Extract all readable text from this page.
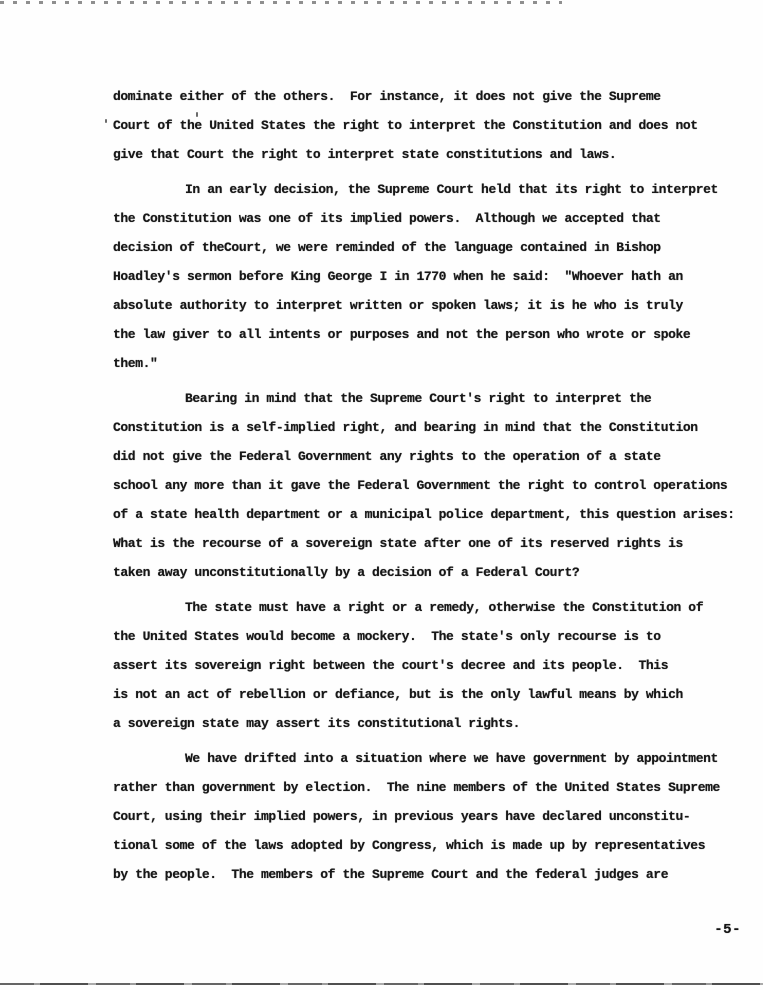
dominate either of the others.  For instance, it does not give the Supreme
Court of the United States the right to interpret the Constitution and does not
give that Court the right to interpret state constitutions and laws.
In an early decision, the Supreme Court held that its right to interpret
the Constitution was one of its implied powers.  Although we accepted that
decision of theCourt, we were reminded of the language contained in Bishop
Hoadley's sermon before King George I in 1770 when he said:  "Whoever hath an
absolute authority to interpret written or spoken laws; it is he who is truly
the law giver to all intents or purposes and not the person who wrote or spoke
them."
Bearing in mind that the Supreme Court's right to interpret the
Constitution is a self-implied right, and bearing in mind that the Constitution
did not give the Federal Government any rights to the operation of a state
school any more than it gave the Federal Government the right to control operations
of a state health department or a municipal police department, this question arises:
What is the recourse of a sovereign state after one of its reserved rights is
taken away unconstitutionally by a decision of a Federal Court?
The state must have a right or a remedy, otherwise the Constitution of
the United States would become a mockery.  The state's only recourse is to
assert its sovereign right between the court's decree and its people.  This
is not an act of rebellion or defiance, but is the only lawful means by which
a sovereign state may assert its constitutional rights.
We have drifted into a situation where we have government by appointment
rather than government by election.  The nine members of the United States Supreme
Court, using their implied powers, in previous years have declared unconstitu-
tional some of the laws adopted by Congress, which is made up by representatives
by the people.  The members of the Supreme Court and the federal judges are
-5-
